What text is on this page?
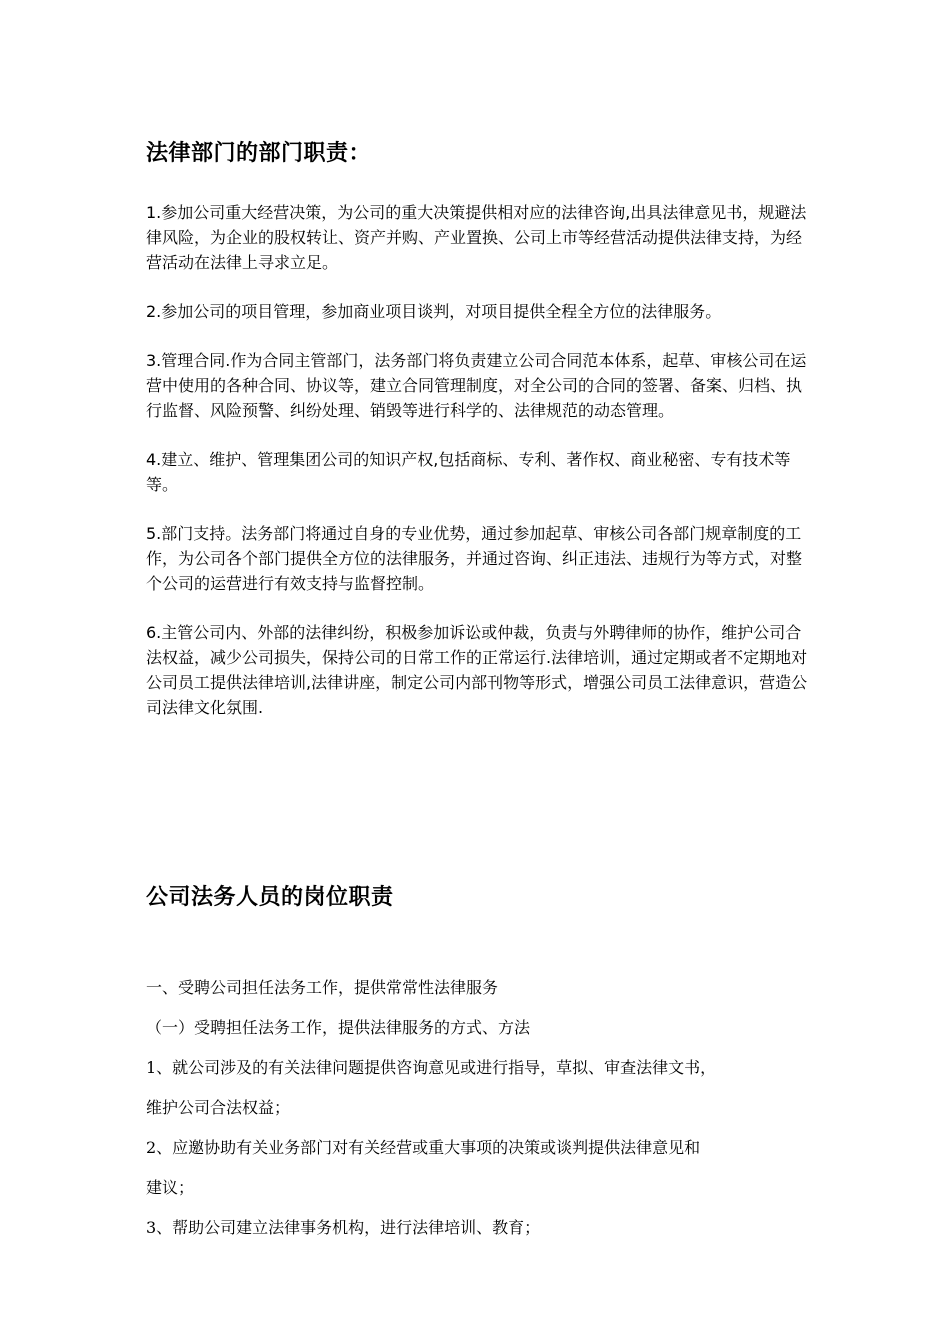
法律部门的部门职责：

1.参加公司重大经营决策，为公司的重大决策提供相对应的法律咨询,出具法律意见书，规避法律风险，为企业的股权转让、资产并购、产业置换、公司上市等经营活动提供法律支持，为经营活动在法律上寻求立足。

2.参加公司的项目管理，参加商业项目谈判，对项目提供全程全方位的法律服务。

3.管理合同.作为合同主管部门，法务部门将负责建立公司合同范本体系，起草、审核公司在运营中使用的各种合同、协议等，建立合同管理制度，对全公司的合同的签署、备案、归档、执行监督、风险预警、纠纷处理、销毁等进行科学的、法律规范的动态管理。

4.建立、维护、管理集团公司的知识产权,包括商标、专利、著作权、商业秘密、专有技术等等。

5.部门支持。法务部门将通过自身的专业优势，通过参加起草、审核公司各部门规章制度的工作，为公司各个部门提供全方位的法律服务，并通过咨询、纠正违法、违规行为等方式，对整个公司的运营进行有效支持与监督控制。

6.主管公司内、外部的法律纠纷，积极参加诉讼或仲裁，负责与外聘律师的协作，维护公司合法权益，减少公司损失，保持公司的日常工作的正常运行.法律培训，通过定期或者不定期地对公司员工提供法律培训,法律讲座，制定公司内部刊物等形式，增强公司员工法律意识，营造公司法律文化氛围.

公司法务人员的岗位职责

一、受聘公司担任法务工作，提供常常性法律服务

（一）受聘担任法务工作，提供法律服务的方式、方法

1、就公司涉及的有关法律问题提供咨询意见或进行指导，草拟、审查法律文书，

维护公司合法权益；

2、应邀协助有关业务部门对有关经营或重大事项的决策或谈判提供法律意见和

建议；

3、帮助公司建立法律事务机构，进行法律培训、教育；
